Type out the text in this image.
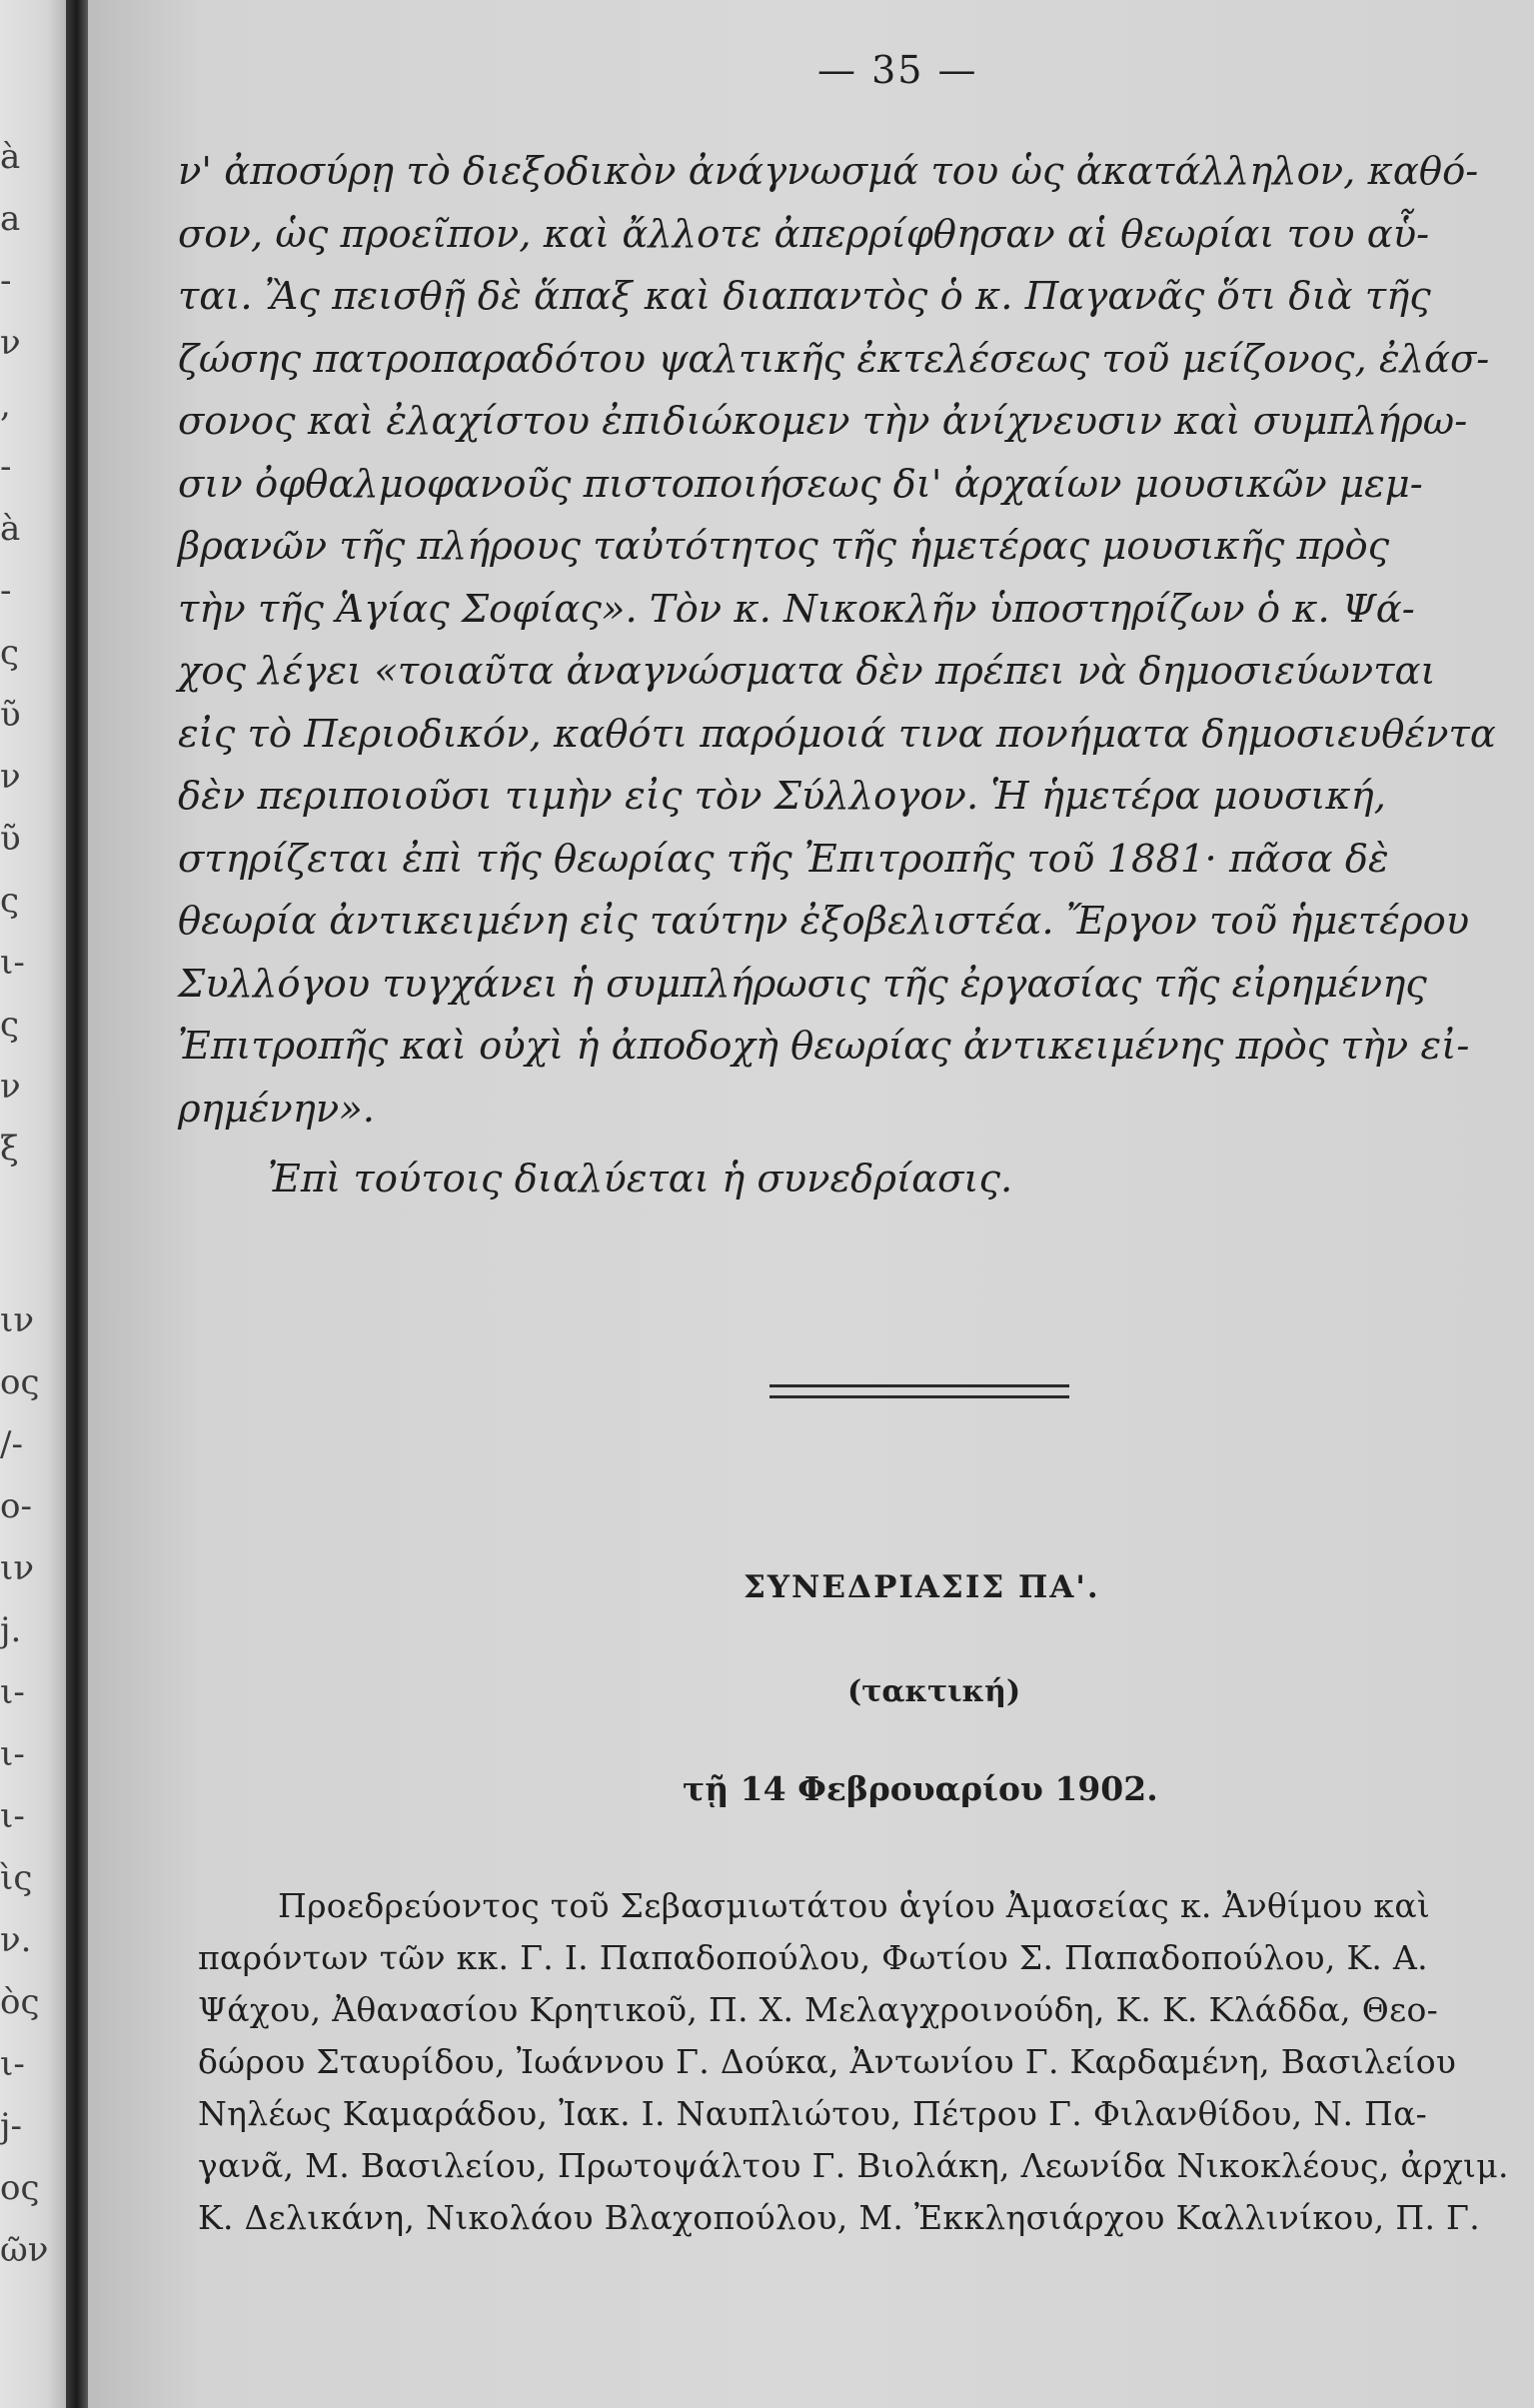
à
a
-
ν
,
-
à
-
ς
ῦ
ν
ῦ
ς
ι-
ς
ν
ξ
ιν
ος
/-
ο-
ιν
ϳ.
ι-
ι-
ι-
ὶς
ν.
ὸς
ι-
ϳ-
ος
ῶν
— 35 —
ν' ἀποσύρῃ τὸ διεξοδικὸν ἀνάγνωσμά του ὡς ἀκατάλληλον, καθό-
σον, ὡς προεῖπον, καὶ ἄλλοτε ἀπερρίφθησαν αἱ θεωρίαι του αὗ-
ται. Ἂς πεισθῇ δὲ ἅπαξ καὶ διαπαντὸς ὁ κ. Παγανᾶς ὅτι διὰ τῆς
ζώσης πατροπαραδότου ψαλτικῆς ἐκτελέσεως τοῦ μείζονος, ἐλάσ-
σονος καὶ ἐλαχίστου ἐπιδιώκομεν τὴν ἀνίχνευσιν καὶ συμπλήρω-
σιν ὀφθαλμοφανοῦς πιστοποιήσεως δι' ἀρχαίων μουσικῶν μεμ-
βρανῶν τῆς πλήρους ταὐτότητος τῆς ἡμετέρας μουσικῆς πρὸς
τὴν τῆς Ἁγίας Σοφίας». Τὸν κ. Νικοκλῆν ὑποστηρίζων ὁ κ. Ψά-
χος λέγει «τοιαῦτα ἀναγνώσματα δὲν πρέπει νὰ δημοσιεύωνται
εἰς τὸ Περιοδικόν, καθότι παρόμοιά τινα πονήματα δημοσιευθέντα
δὲν περιποιοῦσι τιμὴν εἰς τὸν Σύλλογον. Ἡ ἡμετέρα μουσική,
στηρίζεται ἐπὶ τῆς θεωρίας τῆς Ἐπιτροπῆς τοῦ 1881· πᾶσα δὲ
θεωρία ἀντικειμένη εἰς ταύτην ἐξοβελιστέα. Ἔργον τοῦ ἡμετέρου
Συλλόγου τυγχάνει ἡ συμπλήρωσις τῆς ἐργασίας τῆς εἰρημένης
Ἐπιτροπῆς καὶ οὐχὶ ἡ ἀποδοχὴ θεωρίας ἀντικειμένης πρὸς τὴν εἰ-
ρημένην».
Ἐπὶ τούτοις διαλύεται ἡ συνεδρίασις.
ΣΥΝΕΔΡΙΑΣΙΣ ΠΑ'.
(τακτική)
τῇ 14 Φεβρουαρίου 1902.
Προεδρεύοντος τοῦ Σεβασμιωτάτου ἁγίου Ἀμασείας κ. Ἀνθίμου καὶ
παρόντων τῶν κκ. Γ. Ι. Παπαδοπούλου, Φωτίου Σ. Παπαδοπούλου, Κ. Α.
Ψάχου, Ἀθανασίου Κρητικοῦ, Π. Χ. Μελαγχροινούδη, Κ. Κ. Κλάδδα, Θεο-
δώρου Σταυρίδου, Ἰωάννου Γ. Δούκα, Ἀντωνίου Γ. Καρδαμένη, Βασιλείου
Νηλέως Καμαράδου, Ἰακ. Ι. Ναυπλιώτου, Πέτρου Γ. Φιλανθίδου, Ν. Πα-
γανᾶ, Μ. Βασιλείου, Πρωτοψάλτου Γ. Βιολάκη, Λεωνίδα Νικοκλέους, ἀρχιμ.
Κ. Δελικάνη, Νικολάου Βλαχοπούλου, Μ. Ἐκκλησιάρχου Καλλινίκου, Π. Γ.
